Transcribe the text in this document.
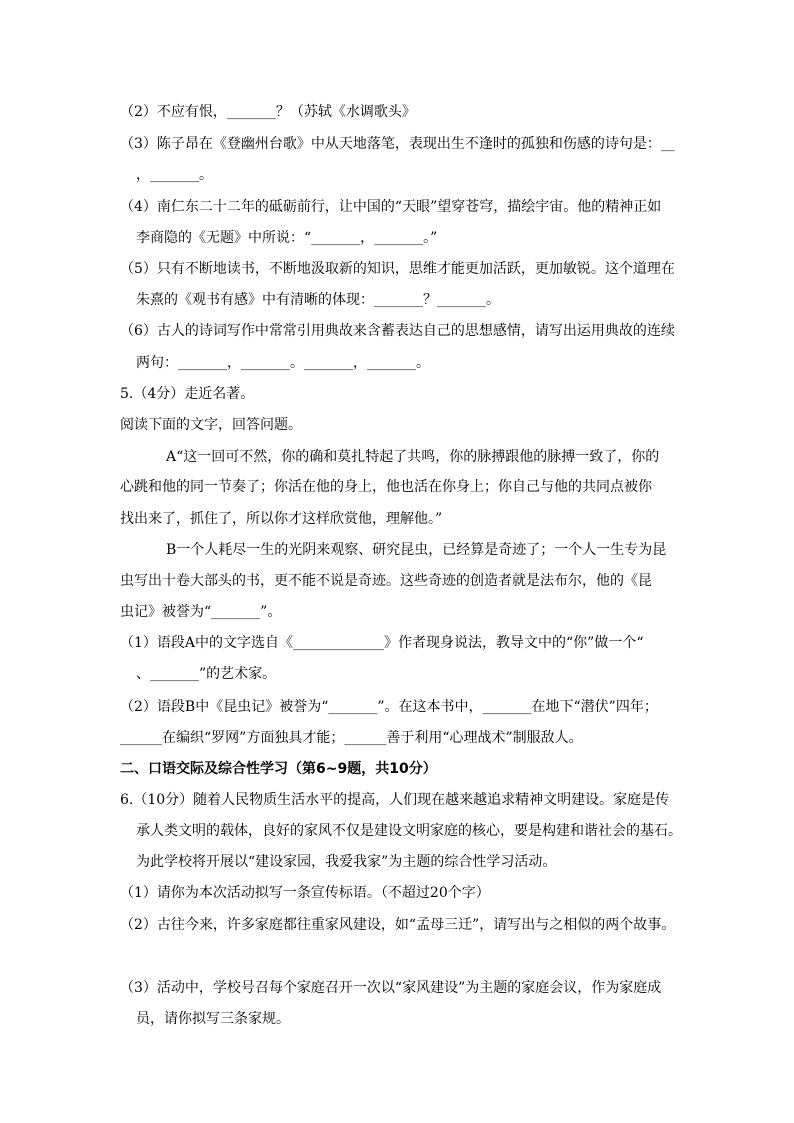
（2）不应有恨，_______？（苏轼《水调歌头》
（3）陈子昂在《登幽州台歌》中从天地落笔，表现出生不逢时的孤独和伤感的诗句是：__
，_______。
（4）南仁东二十二年的砥砺前行，让中国的“天眼”望穿苍穹，描绘宇宙。他的精神正如
李商隐的《无题》中所说：“_______，_______。”
（5）只有不断地读书，不断地汲取新的知识，思维才能更加活跃，更加敏锐。这个道理在
朱熹的《观书有感》中有清晰的体现：_______？_______。
（6）古人的诗词写作中常常引用典故来含蓄表达自己的思想感情，请写出运用典故的连续
两句：_______，_______。_______，_______。
5.（4分）走近名著。
阅读下面的文字，回答问题。
A“这一回可不然，你的确和莫扎特起了共鸣，你的脉搏跟他的脉搏一致了，你的
心跳和他的同一节奏了；你活在他的身上，他也活在你身上；你自己与他的共同点被你
找出来了，抓住了，所以你才这样欣赏他，理解他。”
B一个人耗尽一生的光阴来观察、研究昆虫，已经算是奇迹了；一个人一生专为昆
虫写出十卷大部头的书，更不能不说是奇迹。这些奇迹的创造者就是法布尔，他的《昆
虫记》被誉为“_______”。
（1）语段A中的文字选自《_____________》作者现身说法，教导文中的“你”做一个“
、_______”的艺术家。
（2）语段B中《昆虫记》被誉为“_______”。在这本书中，_______在地下“潜伏”四年；
______在编织“罗网”方面独具才能；______善于利用“心理战术”制服敌人。
二、口语交际及综合性学习（第6~9题，共10分）
6.（10分）随着人民物质生活水平的提高，人们现在越来越追求精神文明建设。家庭是传
承人类文明的载体，良好的家风不仅是建设文明家庭的核心，要是构建和谐社会的基石。
为此学校将开展以“建设家园，我爱我家”为主题的综合性学习活动。
（1）请你为本次活动拟写一条宣传标语。（不超过20个字）
（2）古往今来，许多家庭都往重家风建设，如“孟母三迁”，请写出与之相似的两个故事。
（3）活动中，学校号召每个家庭召开一次以“家风建设”为主题的家庭会议，作为家庭成
员，请你拟写三条家规。
